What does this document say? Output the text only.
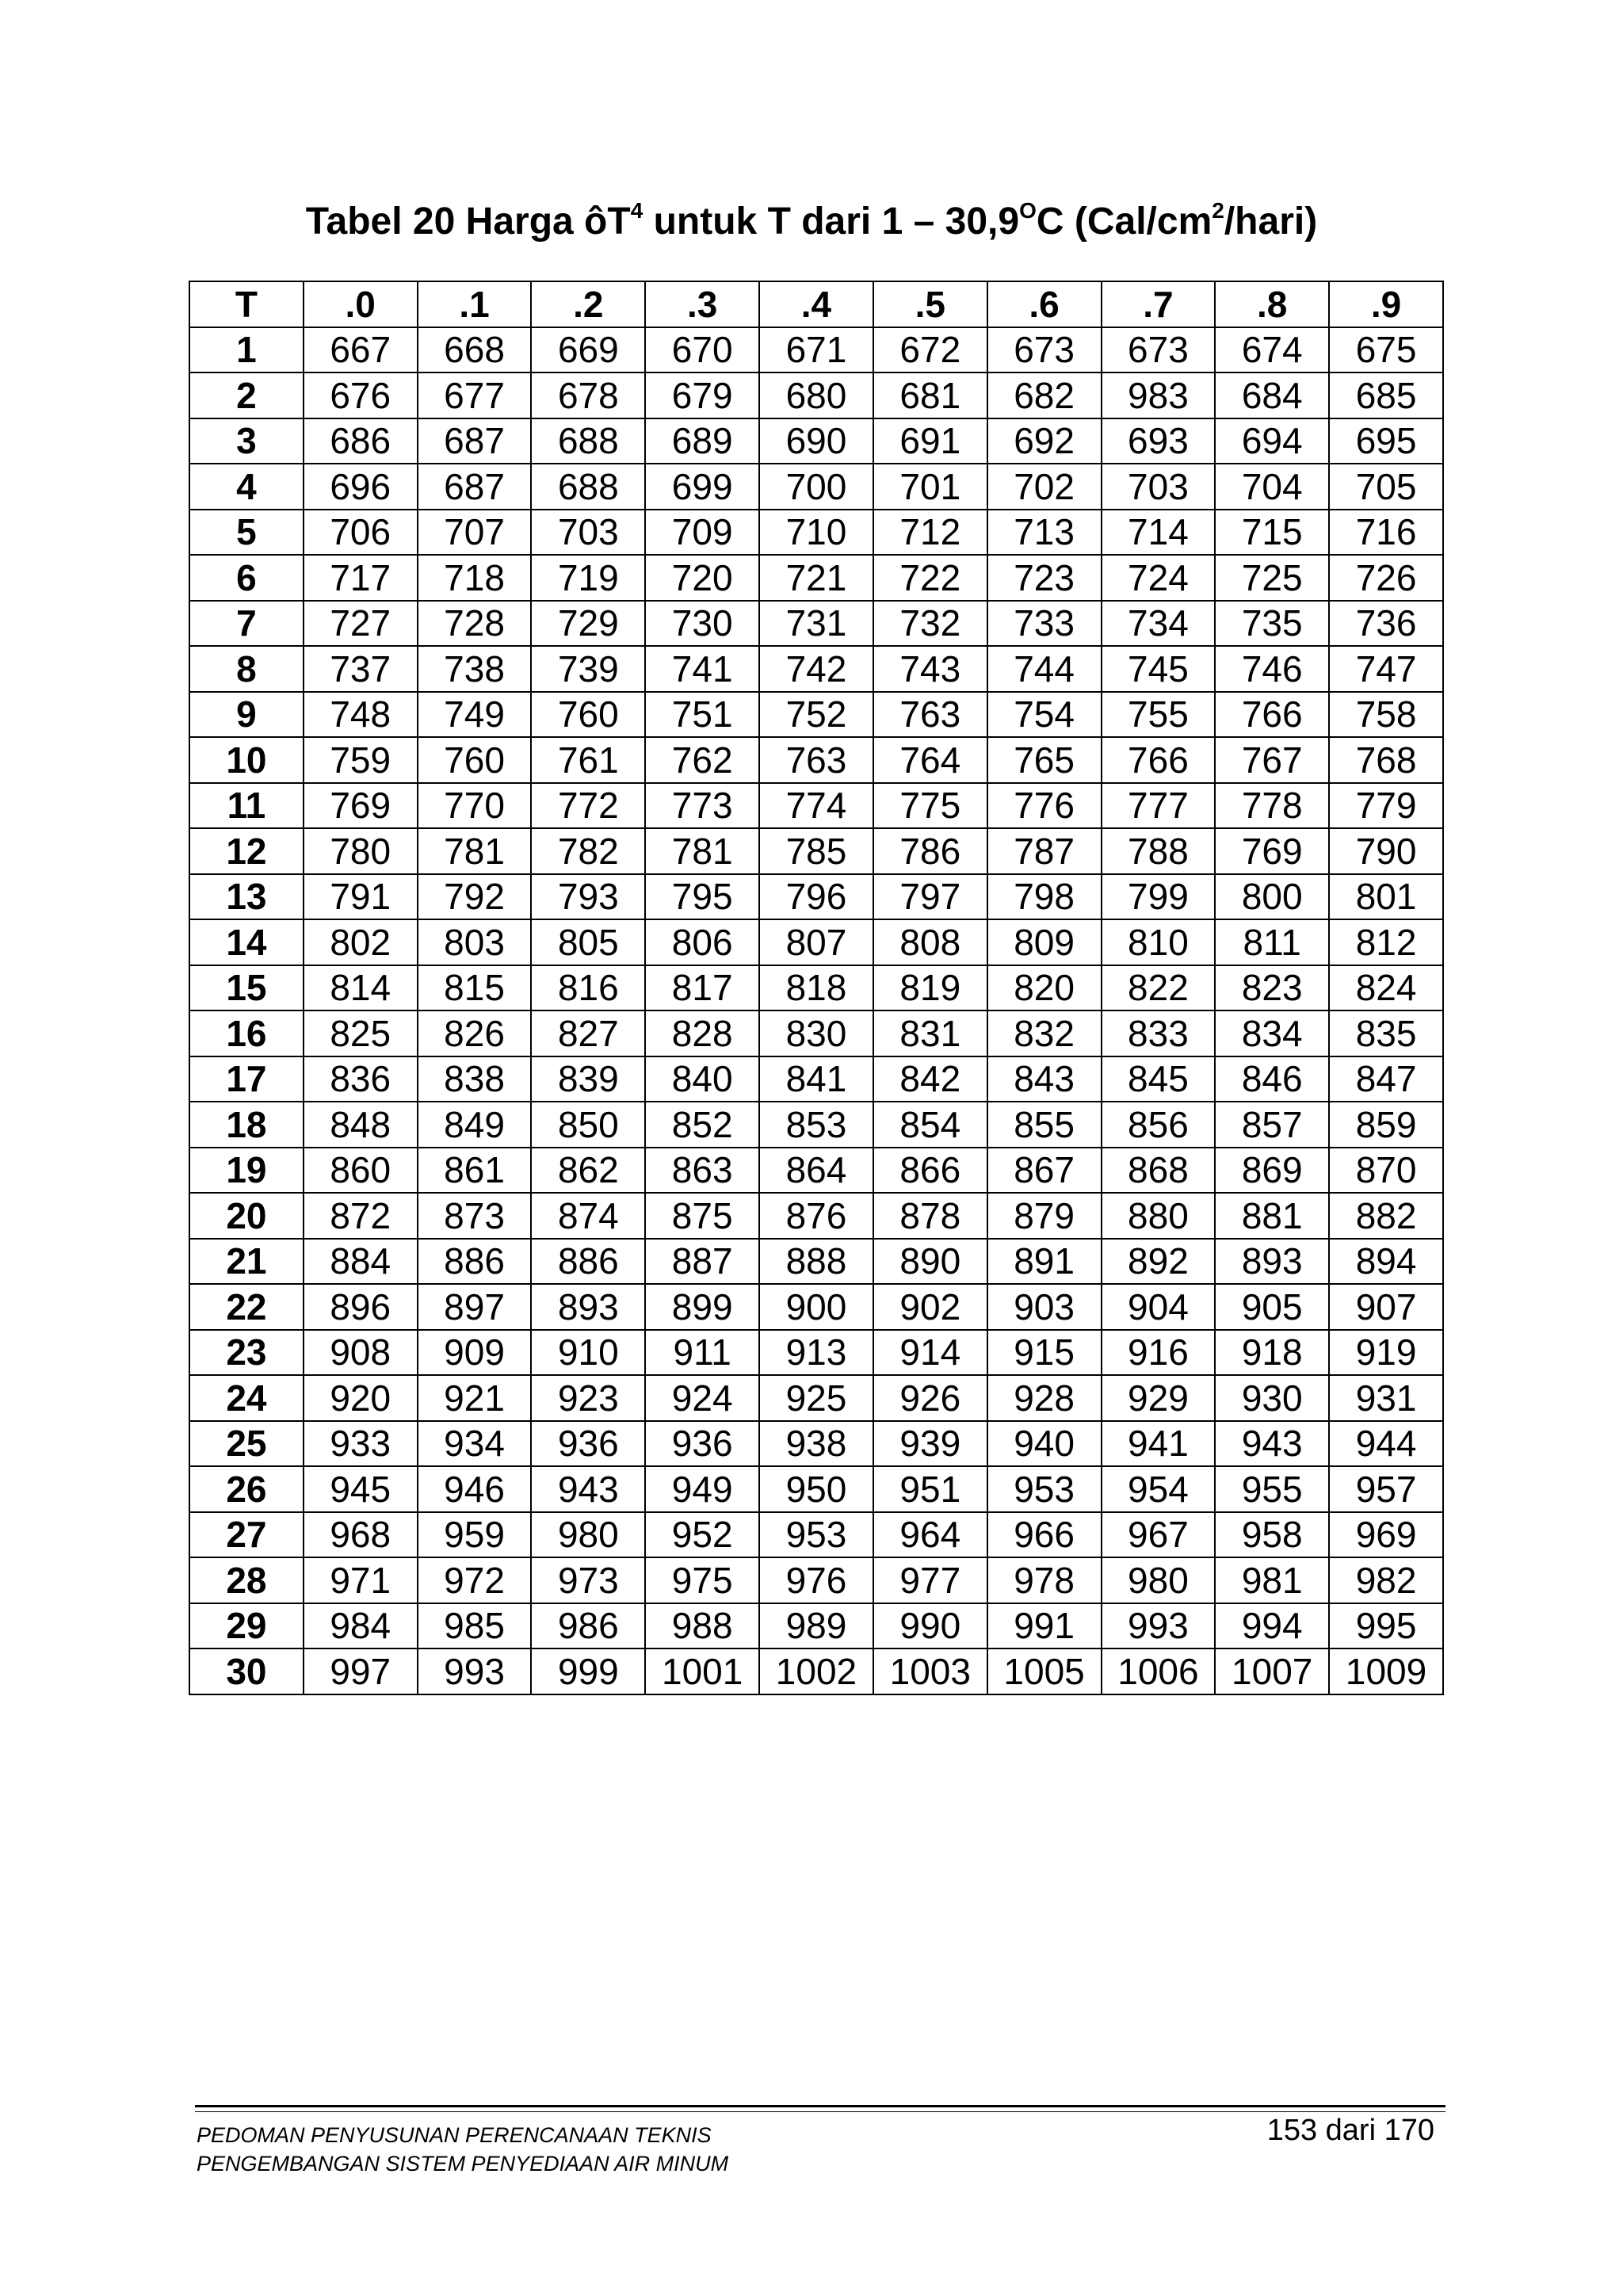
Tabel 20 Harga $ôT^4$ untuk T dari $1 - 30,9^OC$ $(Cal/cm^2/hari)$
T	.0	.1	.2	.3	.4	.5	.6	.7	.8	.9
1	667	668	669	670	671	672	673	673	674	675
2	676	677	678	679	680	681	682	983	684	685
3	686	687	688	689	690	691	692	693	694	695
4	696	687	688	699	700	701	702	703	704	705
5	706	707	703	709	710	712	713	714	715	716
6	717	718	719	720	721	722	723	724	725	726
7	727	728	729	730	731	732	733	734	735	736
8	737	738	739	741	742	743	744	745	746	747
9	748	749	760	751	752	763	754	755	766	758
10	759	760	761	762	763	764	765	766	767	768
11	769	770	772	773	774	775	776	777	778	779
12	780	781	782	781	785	786	787	788	769	790
13	791	792	793	795	796	797	798	799	800	801
14	802	803	805	806	807	808	809	810	811	812
15	814	815	816	817	818	819	820	822	823	824
16	825	826	827	828	830	831	832	833	834	835
17	836	838	839	840	841	842	843	845	846	847
18	848	849	850	852	853	854	855	856	857	859
19	860	861	862	863	864	866	867	868	869	870
20	872	873	874	875	876	878	879	880	881	882
21	884	886	886	887	888	890	891	892	893	894
22	896	897	893	899	900	902	903	904	905	907
23	908	909	910	911	913	914	915	916	918	919
24	920	921	923	924	925	926	928	929	930	931
25	933	934	936	936	938	939	940	941	943	944
26	945	946	943	949	950	951	953	954	955	957
27	968	959	980	952	953	964	966	967	958	969
28	971	972	973	975	976	977	978	980	981	982
29	984	985	986	988	989	990	991	993	994	995
30	997	993	999	1001	1002	1003	1005	1006	1007	1009
PEDOMAN PENYUSUNAN PERENCANAAN TEKNIS
PENGEMBANGAN SISTEM PENYEDIAAN AIR MINUM
153 dari 170
